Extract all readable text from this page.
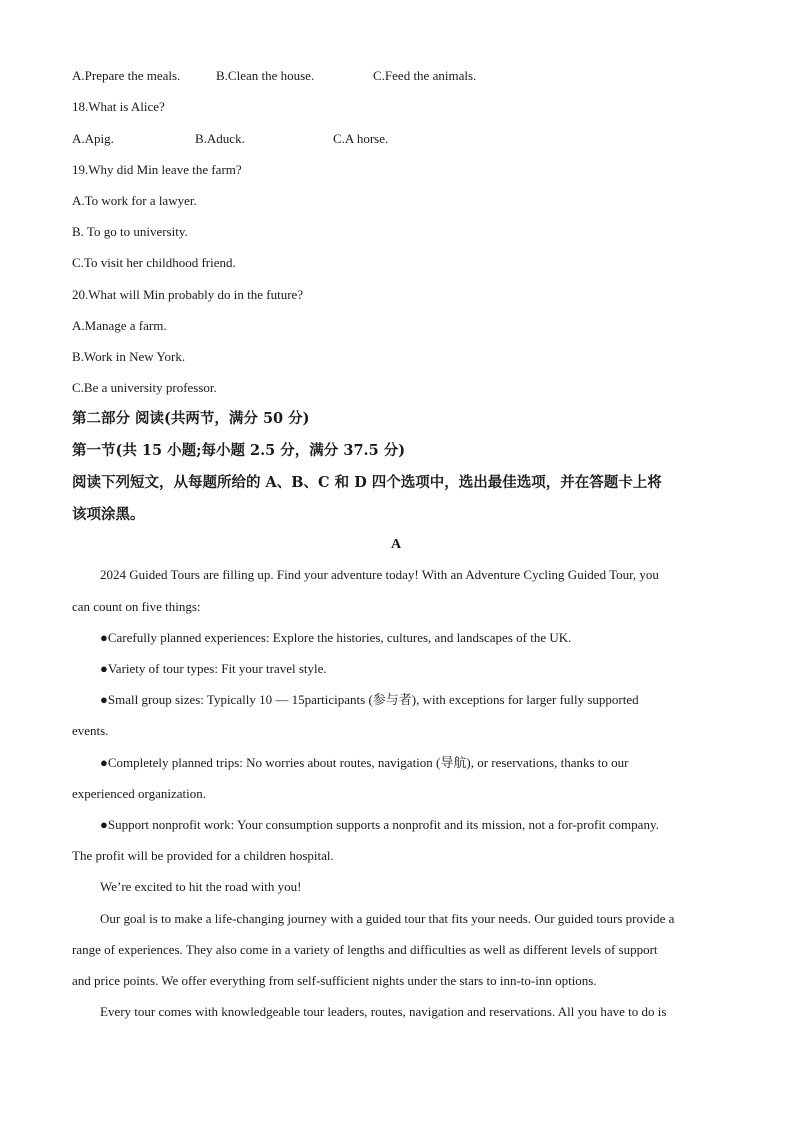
A.Prepare the meals.	B.Clean the house.	C.Feed the animals.
18.What is Alice?
A.Apig.	B.Aduck.	C.A horse.
19.Why did Min leave the farm?
A.To work for a lawyer.
B. To go to university.
C.To visit her childhood friend.
20.What will Min probably do in the future?
A.Manage a farm.
B.Work in New York.
C.Be a university professor.
第二部分 阅读(共两节，满分 50 分)
第一节(共 15 小题;每小题 2.5 分，满分 37.5 分)
阅读下列短文，从每题所给的 A、B、C 和 D 四个选项中，选出最佳选项，并在答题卡上将
该项涂黑。
A
2024 Guided Tours are filling up. Find your adventure today! With an Adventure Cycling Guided Tour, you
can count on five things:
●Carefully planned experiences: Explore the histories, cultures, and landscapes of the UK.
●Variety of tour types: Fit your travel style.
●Small group sizes: Typically 10 — 15participants (参与者), with exceptions for larger fully supported
events.
●Completely planned trips: No worries about routes, navigation (导航), or reservations, thanks to our
experienced organization.
●Support nonprofit work: Your consumption supports a nonprofit and its mission, not a for-profit company.
The profit will be provided for a children hospital.
We’re excited to hit the road with you!
Our goal is to make a life-changing journey with a guided tour that fits your needs. Our guided tours provide a
range of experiences. They also come in a variety of lengths and difficulties as well as different levels of support
and price points. We offer everything from self-sufficient nights under the stars to inn-to-inn options.
Every tour comes with knowledgeable tour leaders, routes, navigation and reservations. All you have to do is
